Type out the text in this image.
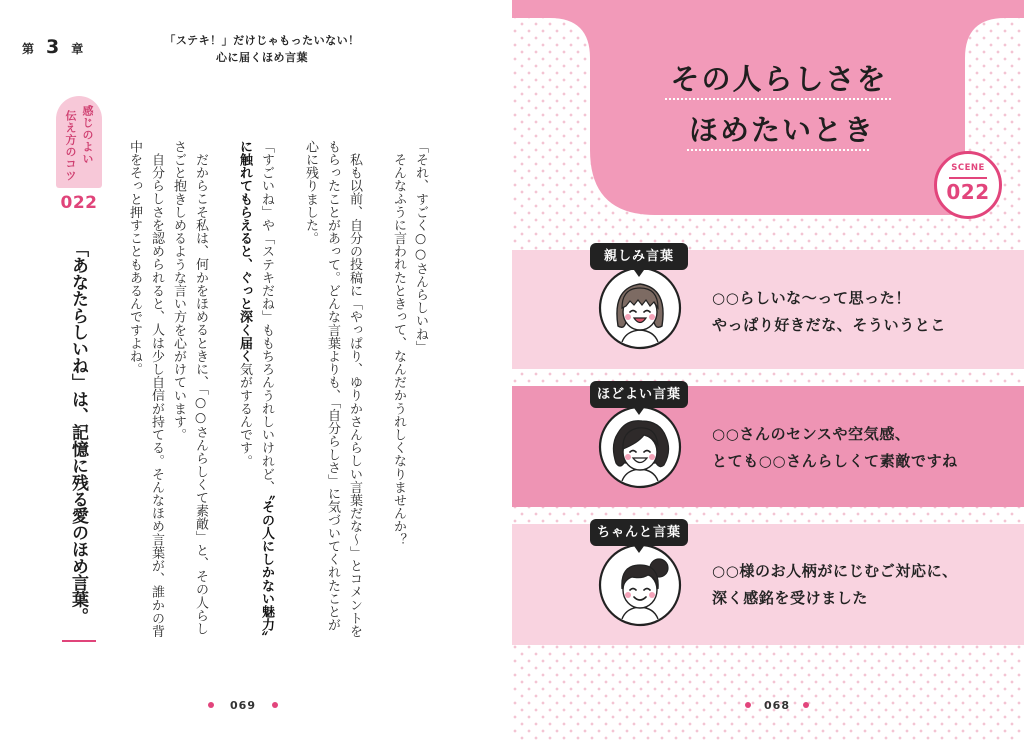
第 3 章
「ステキ！」だけじゃもったいない！
心に届くほめ言葉
感じのよい
伝え方のコツ
022
「あなたらしいね」は、記憶に残る愛のほめ言葉。	「それ、すごく○○さんらしいね」
そんなふうに言われたときって、なんだかうれしくなりませんか？
私も以前、自分の投稿に「やっぱり、ゆりかさんらしい言葉だな〜」とコメントを
もらったことがあって。どんな言葉よりも、「自分らしさ」に気づいてくれたことが
心に残りました。
「すごいね」や「ステキだね」ももちろんうれしいけれど、〝その人にしかない魅力〟
に触れてもらえると、ぐっと深く届く気がするんです。
だからこそ私は、何かをほめるときに、「○○さんらしくて素敵」と、その人らし
さごと抱きしめるような言い方を心がけています。
自分らしさを認められると、人は少し自信が持てる。そんなほめ言葉が、誰かの背
中をそっと押すこともあるんですよね。
069
その人らしさを
ほめたいとき
SCENE
022
親しみ言葉
○○らしいな〜って思った！
やっぱり好きだな、そういうとこ
ほどよい言葉
○○さんのセンスや空気感、
とても○○さんらしくて素敵ですね
ちゃんと言葉
○○様のお人柄がにじむご対応に、
深く感銘を受けました
068
